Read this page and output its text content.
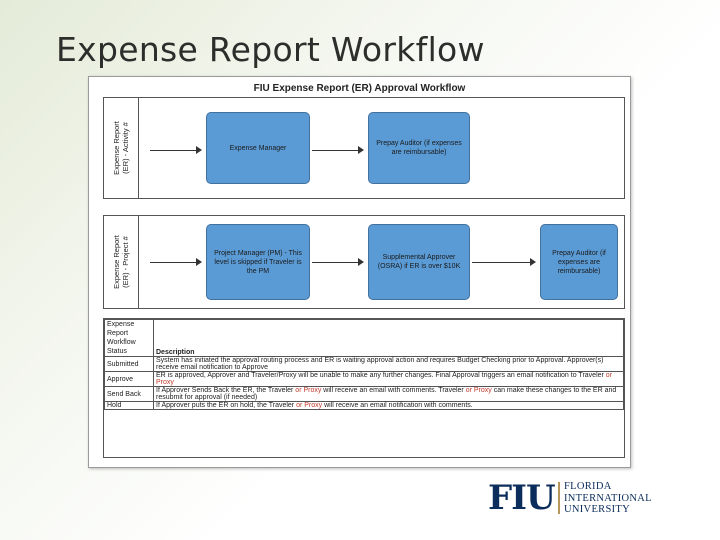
Expense Report Workflow
FIU Expense Report (ER) Approval Workflow
Expense Report
(ER) - Activity #	Expense Manager
Prepay Auditor (if expenses are reimbursable)
Expense Report
(ER) - Project #	Project Manager (PM) - This level is skipped if Traveler is the PM
Supplemental Approver (OSRA) if ER is over $10K
Prepay Auditor (if expenses are reimbursable)
Expense Report Workflow Status	Description
Submitted	System has initiated the approval routing process and ER is waiting approval action and requires Budget Checking prior to Approval. Approver(s) receive email notification to Approve
Approve	ER is approved, Approver and Traveler/Proxy will be unable to make any further changes. Final Approval triggers an email notification to Traveler or Proxy
Send Back	If Approver Sends Back the ER, the Traveler or Proxy will receive an email with comments. Traveler or Proxy can make these changes to the ER and resubmit for approval (if needed)
Hold	If Approver puts the ER on hold, the Traveler or Proxy will receive an email notification with comments.
FIU FLORIDA
INTERNATIONAL
UNIVERSITY
